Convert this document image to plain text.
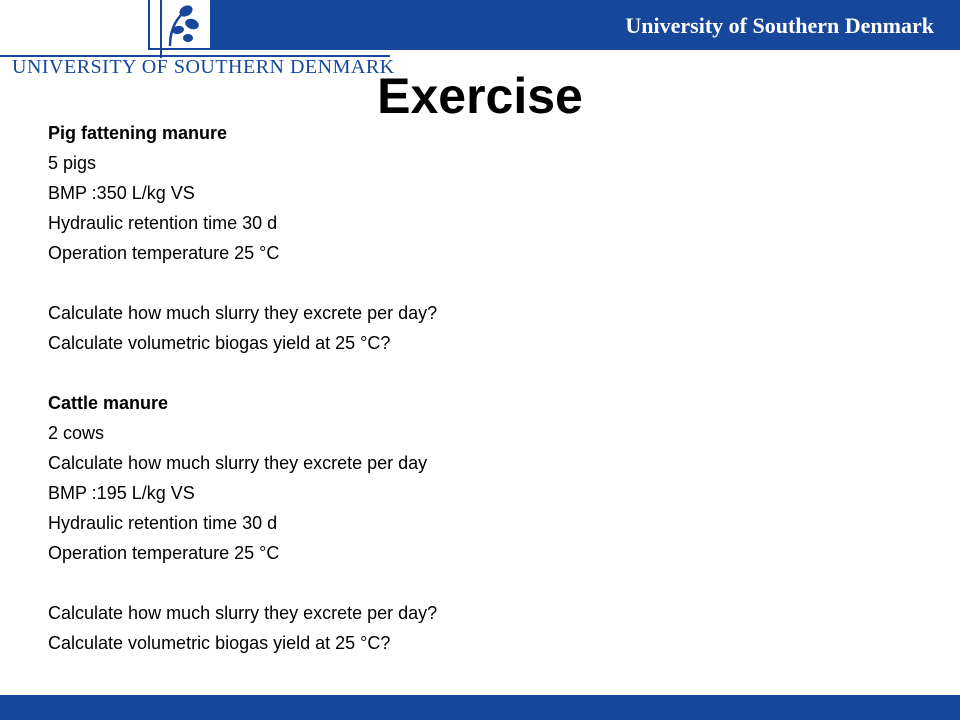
University of Southern Denmark

UNIVERSITY OF SOUTHERN DENMARK

Exercise
Pig fattening manure
5 pigs
BMP :350 L/kg VS
Hydraulic retention time 30 d
Operation temperature 25 °C
Calculate how much slurry they excrete per day?
Calculate volumetric biogas yield at 25 °C?
Cattle manure
2 cows
Calculate how much slurry they excrete per day
BMP :195 L/kg VS
Hydraulic retention time 30 d
Operation temperature 25 °C
Calculate how much slurry they excrete per day?
Calculate volumetric biogas yield at 25 °C?
